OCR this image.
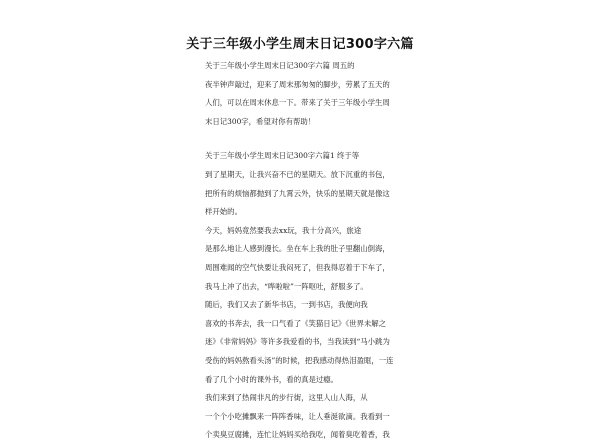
关于三年级小学生周末日记300字六篇
关于三年级小学生周末日记300字六篇 周五的
夜半钟声敲过，迎来了周末那匆匆的脚步，劳累了五天的
人们，可以在周末休息一下。带来了关于三年级小学生周
末日记300字，希望对你有帮助！
关于三年级小学生周末日记300字六篇1 终于等
到了星期天，让我兴奋不已的星期天。放下沉重的书包，
把所有的烦恼都抛到了九霄云外，快乐的星期天就是像这
样开始的。
今天，妈妈竟然要我去xx玩，我十分高兴，旅途
是那么地让人感到漫长。坐在车上我的肚子里翻山倒海，
周围难闻的空气快要让我闷死了，但我得忍着于下车了，
我马上冲了出去，“哗啦啦”一阵呕吐，舒服多了。
随后，我们又去了新华书店，一到书店，我便向我
喜欢的书奔去，我一口气看了《笑猫日记》《世界未解之
迷》《非常妈妈》等许多我爱看的书，当我读到“马小跳为
受伤的妈妈熬看头汤”的时候，把我感动得热泪盈眶，一连
看了几个小时的课外书，看的真是过瘾。
我们来到了热闹非凡的步行街，这里人山人海，从
一个个小吃摊飘来一阵阵香味，让人垂涎欲滴。我看到一
个卖臭豆腐摊，连忙让妈妈买给我吃，闻着臭吃着香，我
